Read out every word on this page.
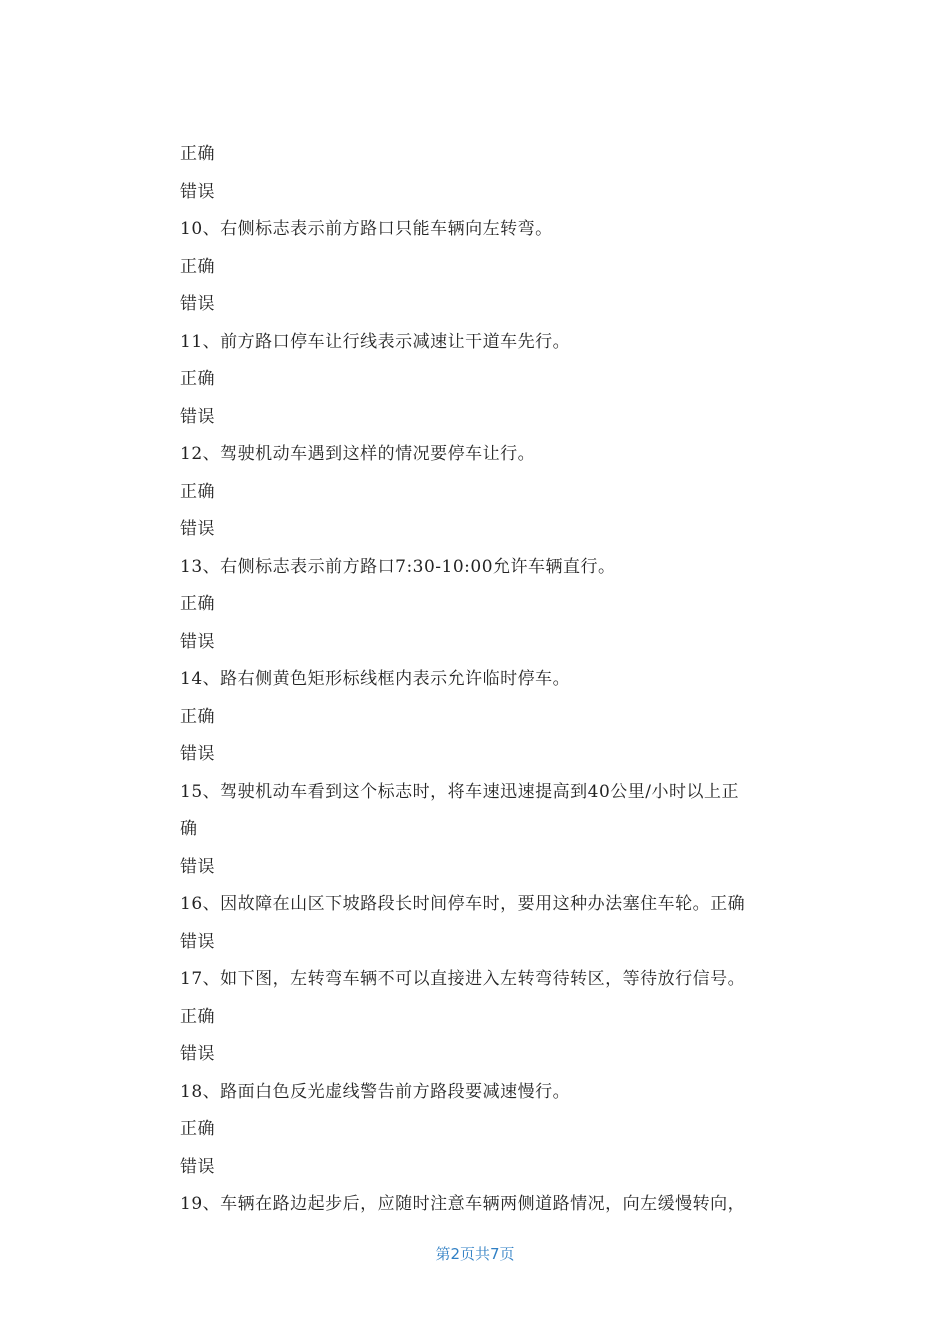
正确
错误
10、右侧标志表示前方路口只能车辆向左转弯。
正确
错误
11、前方路口停车让行线表示减速让干道车先行。
正确
错误
12、驾驶机动车遇到这样的情况要停车让行。
正确
错误
13、右侧标志表示前方路口7:30-10:00允许车辆直行。
正确
错误
14、路右侧黄色矩形标线框内表示允许临时停车。
正确
错误
15、驾驶机动车看到这个标志时，将车速迅速提高到40公里/小时以上正
确
错误
16、因故障在山区下坡路段长时间停车时，要用这种办法塞住车轮。正确
错误
17、如下图，左转弯车辆不可以直接进入左转弯待转区，等待放行信号。
正确
错误
18、路面白色反光虚线警告前方路段要减速慢行。
正确
错误
19、车辆在路边起步后，应随时注意车辆两侧道路情况，向左缓慢转向，
第2页共7页
